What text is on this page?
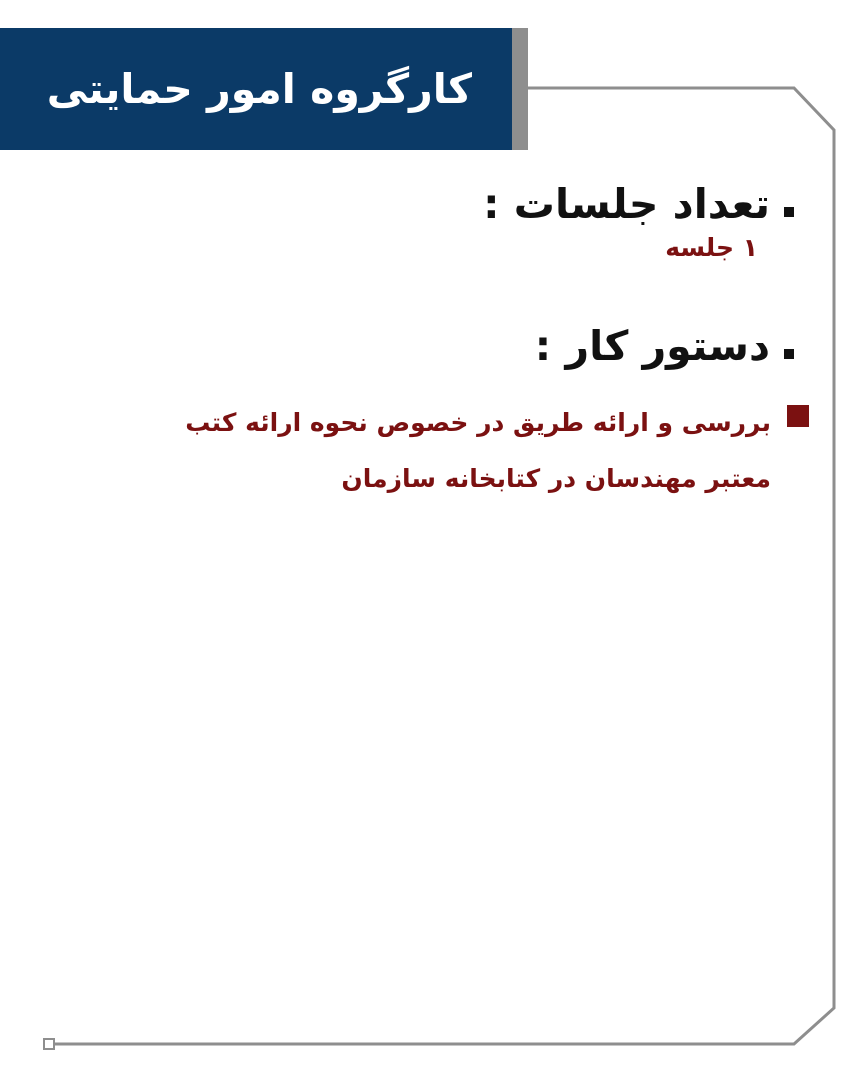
کارگروه امور حمایتی
تعداد جلسات :
۱ جلسه
دستور کار :
بررسی و ارائه طریق در خصوص نحوه ارائه کتب معتبر مهندسان در کتابخانه سازمان
